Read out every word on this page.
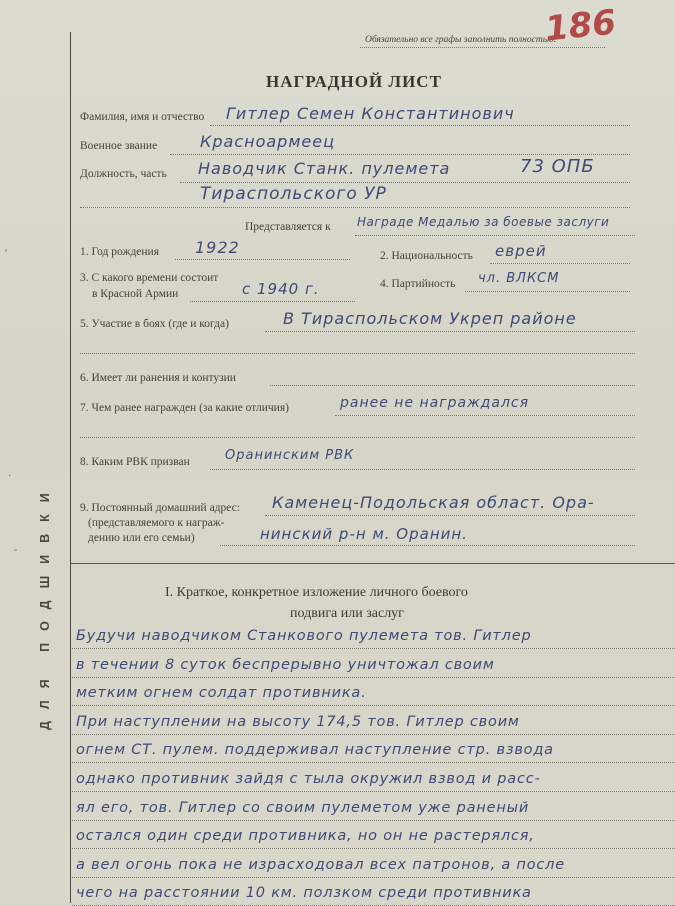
ДЛЯ ПОДШИВКИ
‘
·
-
Обязательно все графы заполнить полностью.
186
НАГРАДНОЙ ЛИСТ
Фамилия, имя и отчество Гитлер Семен Константинович
Военное звание	Красноармеец
Должность, часть Наводчик Станк. пулемета	73 ОПБ
Тираспольского УР
Представляется к Награде Медалью за боевые заслуги
1. Год рождения 1922	2. Национальность еврей
3. С какого времени состоит
в Красной Армии	с 1940 г.	4. Партийность чл. ВЛКСМ
5. Участие в боях (где и когда)	В Тираспольском Укреп районе
6. Имеет ли ранения и контузии
7. Чем ранее награжден (за какие отличия)	ранее не награждался
8. Каким РВК призван	Оранинским РВК
9. Постоянный домашний адрес:
(представляемого к награж-
дению или его семьи)
Каменец-Подольская област. Ора-
нинский р-н м. Оранин.
I. Краткое, конкретное изложение личного боевого
подвига или заслуг
Будучи наводчиком Станкового пулемета тов. Гитлер
в течении 8 суток беспрерывно уничтожал своим
метким огнем солдат противника.
При наступлении на высоту 174,5 тов. Гитлер своим
огнем СТ. пулем. поддерживал наступление стр. взвода
однако противник зайдя с тыла окружил взвод и расс-
ял его, тов. Гитлер со своим пулеметом уже раненый
остался один среди противника, но он не растерялся,
а вел огонь пока не израсходовал всех патронов, а после
чего на расстоянии 10 км. ползком среди противника
